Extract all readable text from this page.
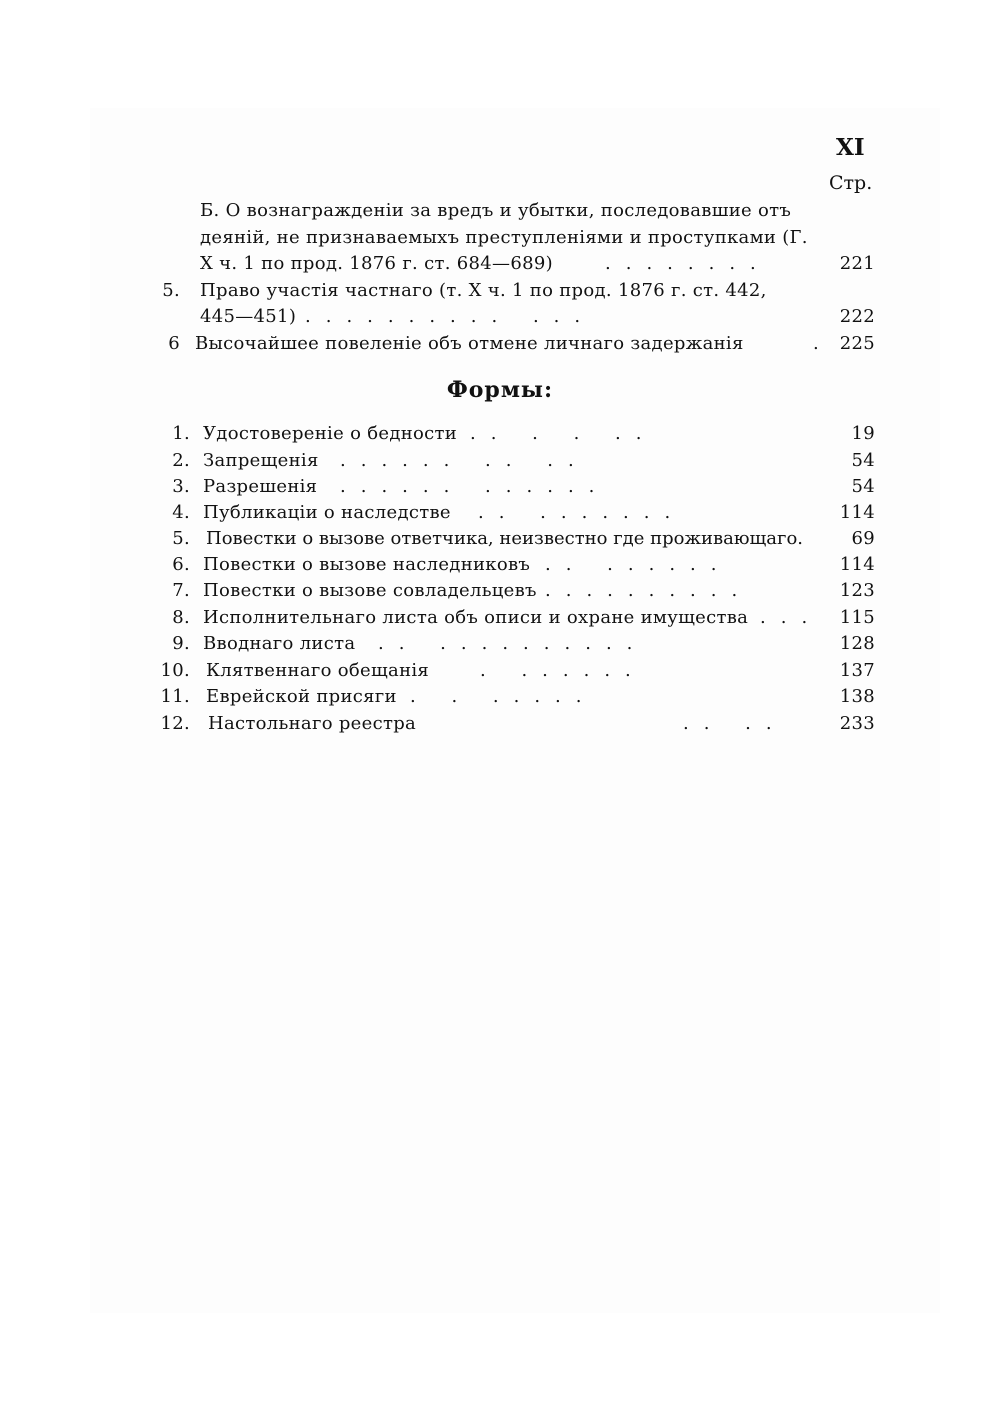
XI
Стр.
Б. О вознагражденіи за вредъ и убытки, последовавшие отъ
деяній, не признаваемыхъ преступленіями и проступками (Г.
X ч. 1 по прод. 1876 г. ст. 684—689)	........	221
5. Право участія частнаго (т. X ч. 1 по прод. 1876 г. ст. 442,
445—451) .......... ...	222
6 Высочайшее повеленіе объ отмене личнаго задержанія	. 225
Формы:
1. Удостовереніе о бедности .. . . ..	19
2. Запрещенія ...... .. ..	54
3. Разрешенія ...... ......	54
4. Публикаціи о наследстве .. .......	114
5. Повестки о вызове ответчика, неизвестно где проживающаго.	69
6. Повестки о вызове наследниковъ .. ......	114
7. Повестки о вызове совладельцевъ ..........	123
8. Исполнительнаго листа объ описи и охране имущества ... 115
9. Вводнаго листа .. ..........	128
10. Клятвеннаго обещанія	. ......	137
11. Еврейской присяги . . .....	138
12. Настольнаго реестра	.. ..	233
